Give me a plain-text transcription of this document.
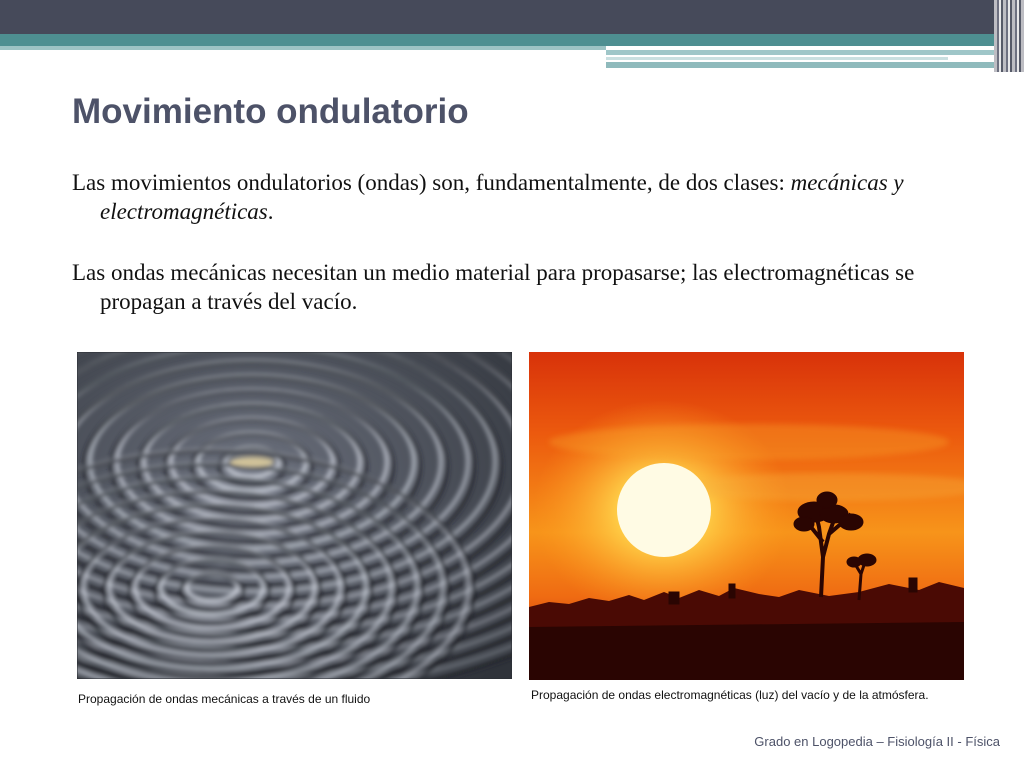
Movimiento ondulatorio

Las movimientos ondulatorios (ondas) son, fundamentalmente, de dos clases: mecánicas y electromagnéticas.

Las ondas mecánicas necesitan un medio material para propasarse; las electromagnéticas se propagan a través del vacío.

Propagación de ondas mecánicas a través de un fluido	Propagación de ondas electromagnéticas (luz) del vacío y de la atmósfera.

Grado en Logopedia – Fisiología II - Física
